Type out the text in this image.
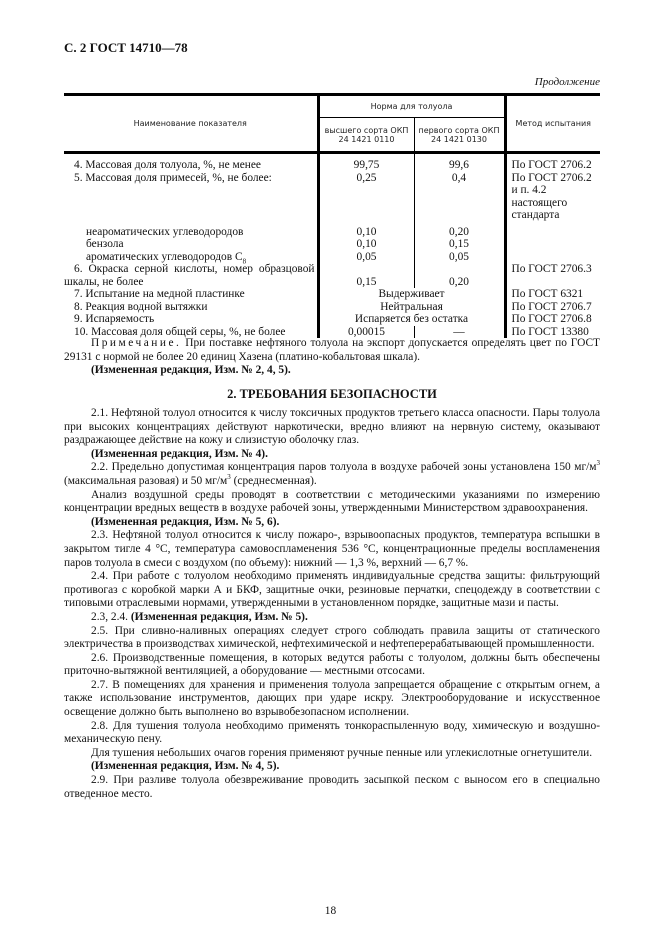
С. 2 ГОСТ 14710—78
Продолжение
Наименование показателя	Норма для толуола		Метод испытания
	высшего сорта ОКП 24 1421 0110	первого сорта ОКП 24 1421 0130	
4. Массовая доля толуола, %, не менее	99,75	99,6	По ГОСТ 2706.2
5. Массовая доля примесей, %, не более:	0,25	0,4	По ГОСТ 2706.2 и п. 4.2 настоящего стандарта
неароматических углеводородов	0,10	0,20	
бензола	0,10	0,15	
ароматических углеводородов $C_8$	0,05	0,05	
6. Окраска серной кислоты, номер образцовой шкалы, не более	0,15	0,20	По ГОСТ 2706.3
7. Испытание на медной пластинке	Выдерживает		По ГОСТ 6321
8. Реакция водной вытяжки	Нейтральная		По ГОСТ 2706.7
9. Испаряемость	Испаряется без остатка		По ГОСТ 2706.8
10. Массовая доля общей серы, %, не более	0,00015	—	По ГОСТ 13380
Примечание. При поставке нефтяного толуола на экспорт допускается определять цвет по ГОСТ 29131 с нормой не более 20 единиц Хазена (платино-кобальтовая шкала).
(Измененная редакция, Изм. № 2, 4, 5).
2. ТРЕБОВАНИЯ БЕЗОПАСНОСТИ
2.1. Нефтяной толуол относится к числу токсичных продуктов третьего класса опасности. Пары толуола при высоких концентрациях действуют наркотически, вредно влияют на нервную систему, оказывают раздражающее действие на кожу и слизистую оболочку глаз.
(Измененная редакция, Изм. № 4).
2.2. Предельно допустимая концентрация паров толуола в воздухе рабочей зоны установлена 150 $мг/м^3$ (максимальная разовая) и 50 $мг/м^3$ (среднесменная).
Анализ воздушной среды проводят в соответствии с методическими указаниями по измерению концентрации вредных веществ в воздухе рабочей зоны, утвержденными Министерством здравоохранения.
(Измененная редакция, Изм. № 5, 6).
2.3. Нефтяной толуол относится к числу пожаро-, взрывоопасных продуктов, температура вспышки в закрытом тигле 4 °С, температура самовоспламенения 536 °С, концентрационные пределы воспламенения паров толуола в смеси с воздухом (по объему): нижний — 1,3 %, верхний — 6,7 %.
2.4. При работе с толуолом необходимо применять индивидуальные средства защиты: фильтрующий противогаз с коробкой марки А и БКФ, защитные очки, резиновые перчатки, спецодежду в соответствии с типовыми отраслевыми нормами, утвержденными в установленном порядке, защитные мази и пасты.
2.3, 2.4. (Измененная редакция, Изм. № 5).
2.5. При сливно-наливных операциях следует строго соблюдать правила защиты от статического электричества в производствах химической, нефтехимической и нефтеперерабатывающей промышленности.
2.6. Производственные помещения, в которых ведутся работы с толуолом, должны быть обеспечены приточно-вытяжной вентиляцией, а оборудование — местными отсосами.
2.7. В помещениях для хранения и применения толуола запрещается обращение с открытым огнем, а также использование инструментов, дающих при ударе искру. Электрооборудование и искусственное освещение должно быть выполнено во взрывобезопасном исполнении.
2.8. Для тушения толуола необходимо применять тонкораспыленную воду, химическую и воздушно-механическую пену.
Для тушения небольших очагов горения применяют ручные пенные или углекислотные огнетушители.
(Измененная редакция, Изм. № 4, 5).
2.9. При разливе толуола обезвреживание проводить засыпкой песком с выносом его в специально отведенное место.
18
